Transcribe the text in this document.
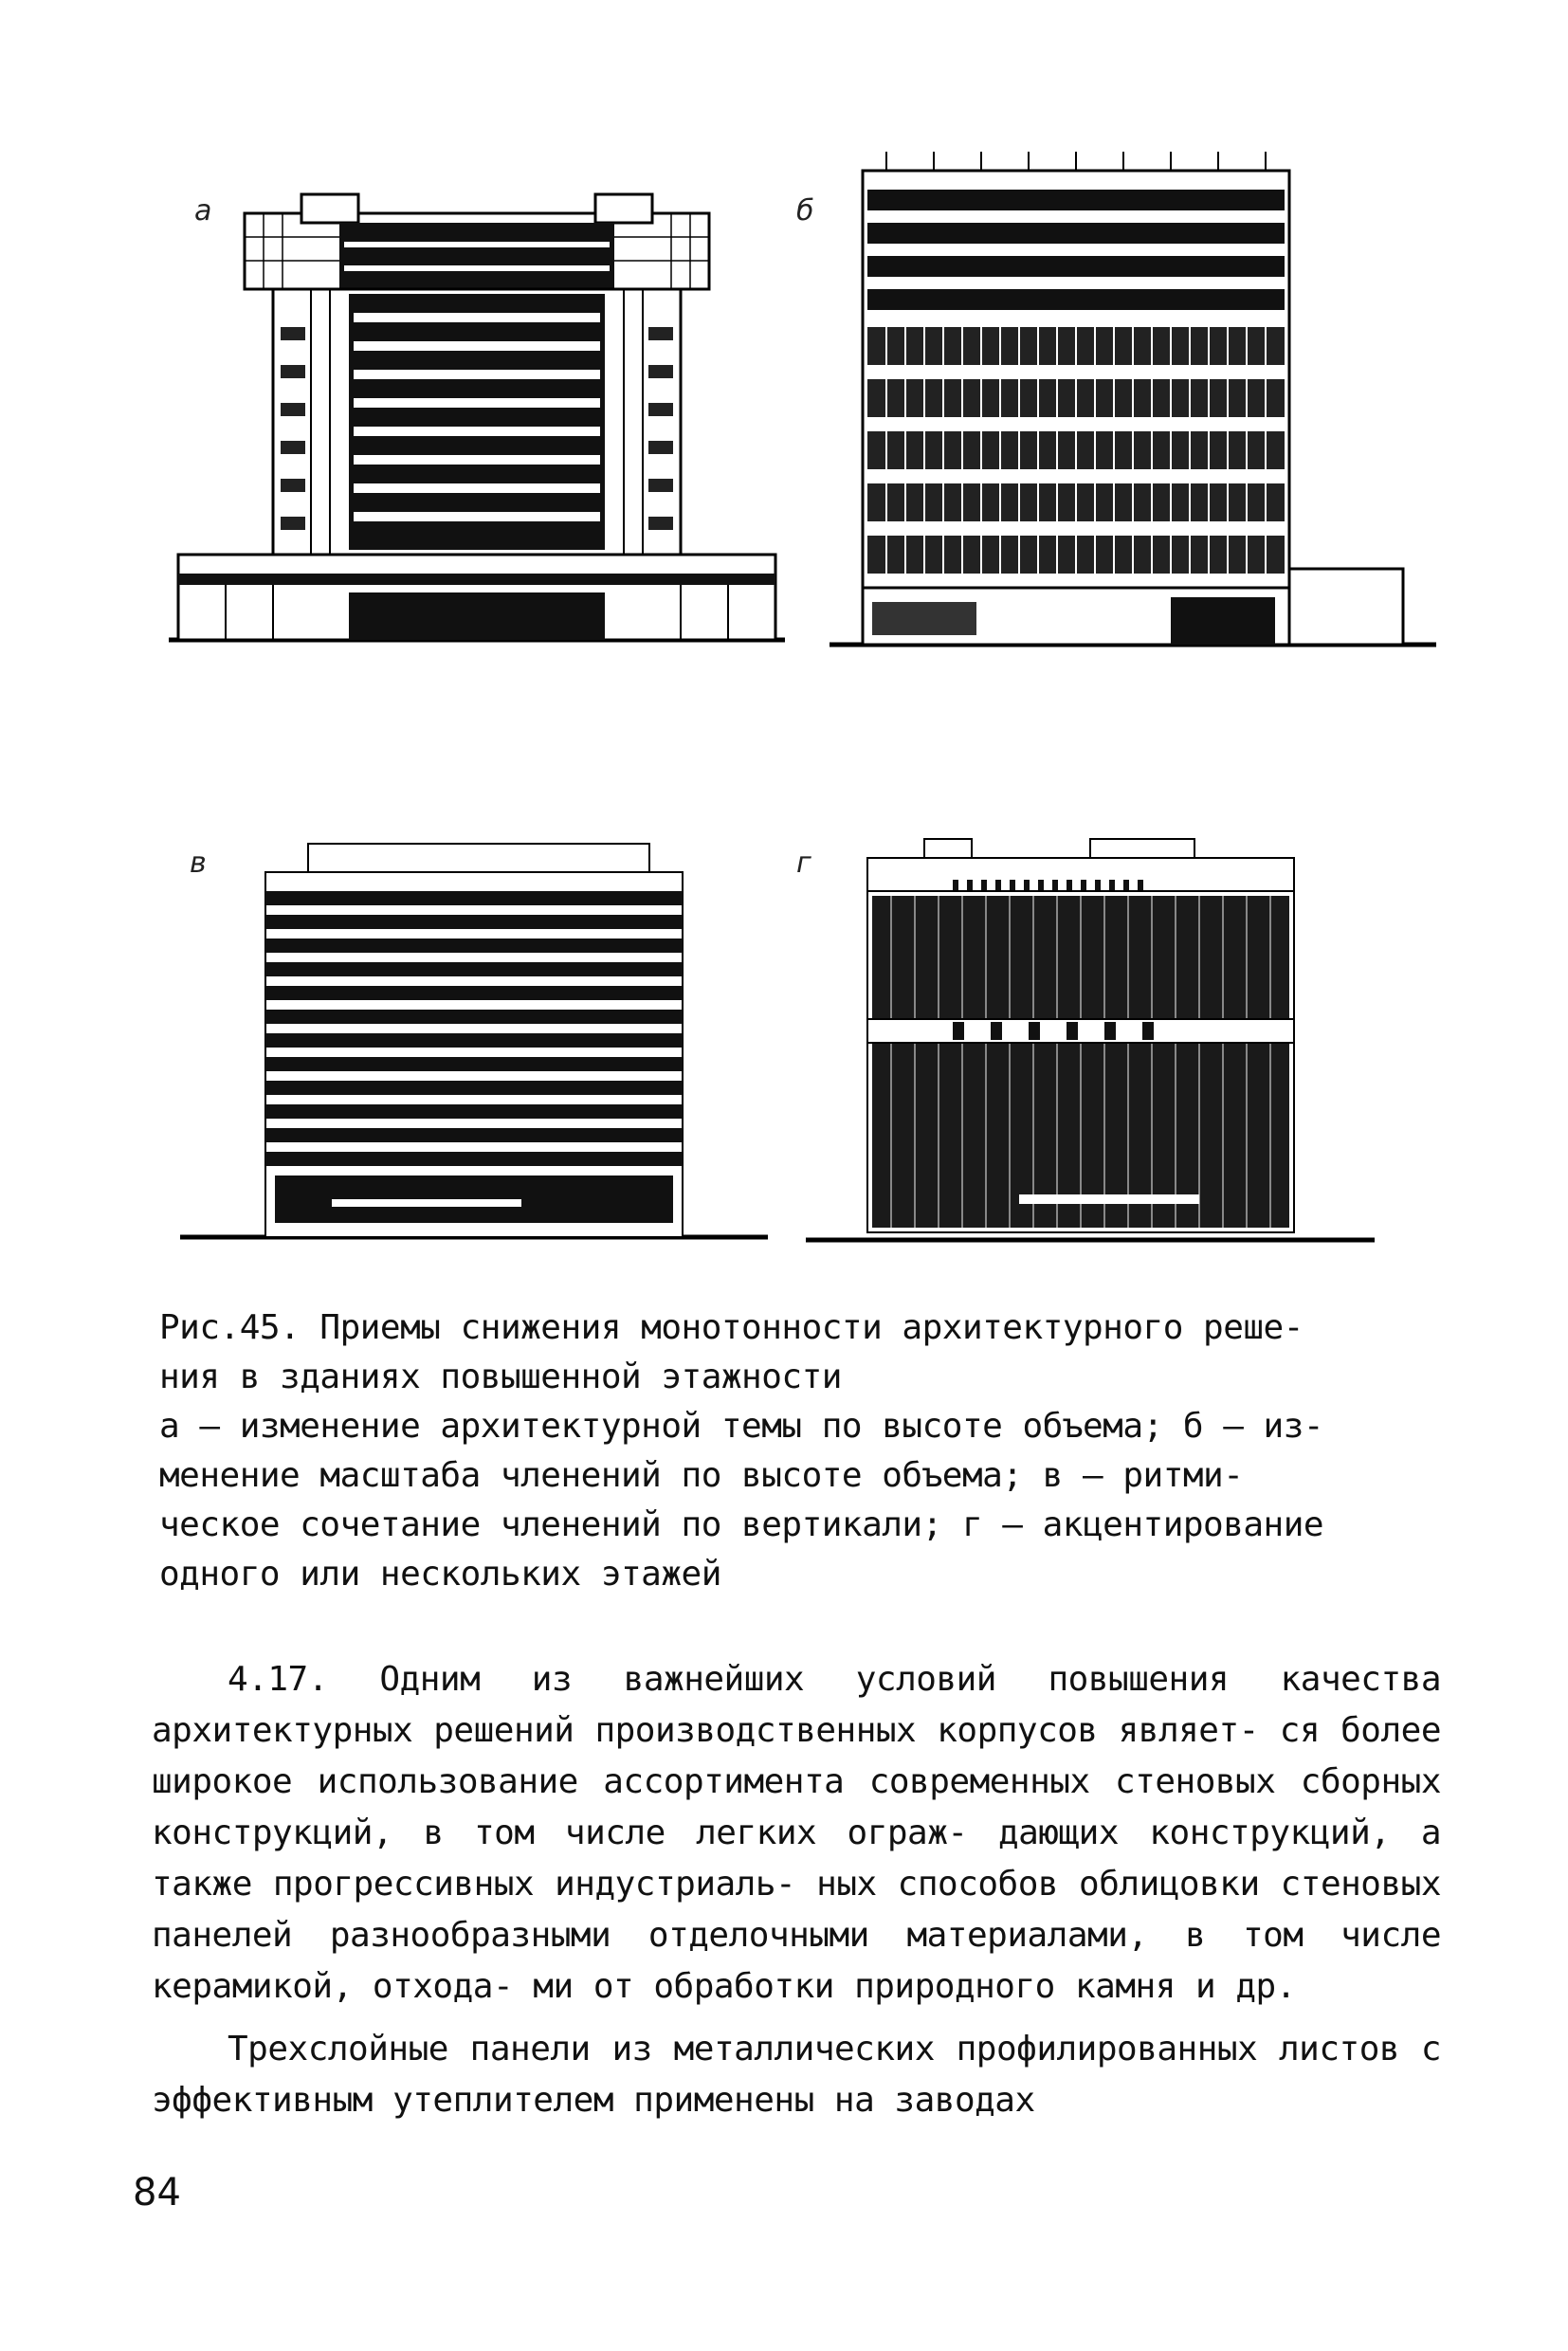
а	б
в	г

Рис.45. Приемы снижения монотонности архитектурного реше-

ния в зданиях повышенной этажности

а – изменение архитектурной темы по высоте объема; б – из-

менение масштаба членений по высоте объема; в – ритми-

ческое сочетание членений по вертикали; г – акцентирование

одного или нескольких этажей

4.17. Одним из важнейших условий повышения качества архитектурных решений производственных корпусов являет- ся более широкое использование ассортимента современных стеновых сборных конструкций, в том числе легких ограж- дающих конструкций, а также прогрессивных индустриаль- ных способов облицовки стеновых панелей разнообразными отделочными материалами, в том числе керамикой, отхода- ми от обработки природного камня и др.

Трехслойные панели из металлических профилированных листов с эффективным утеплителем применены на заводах

84
